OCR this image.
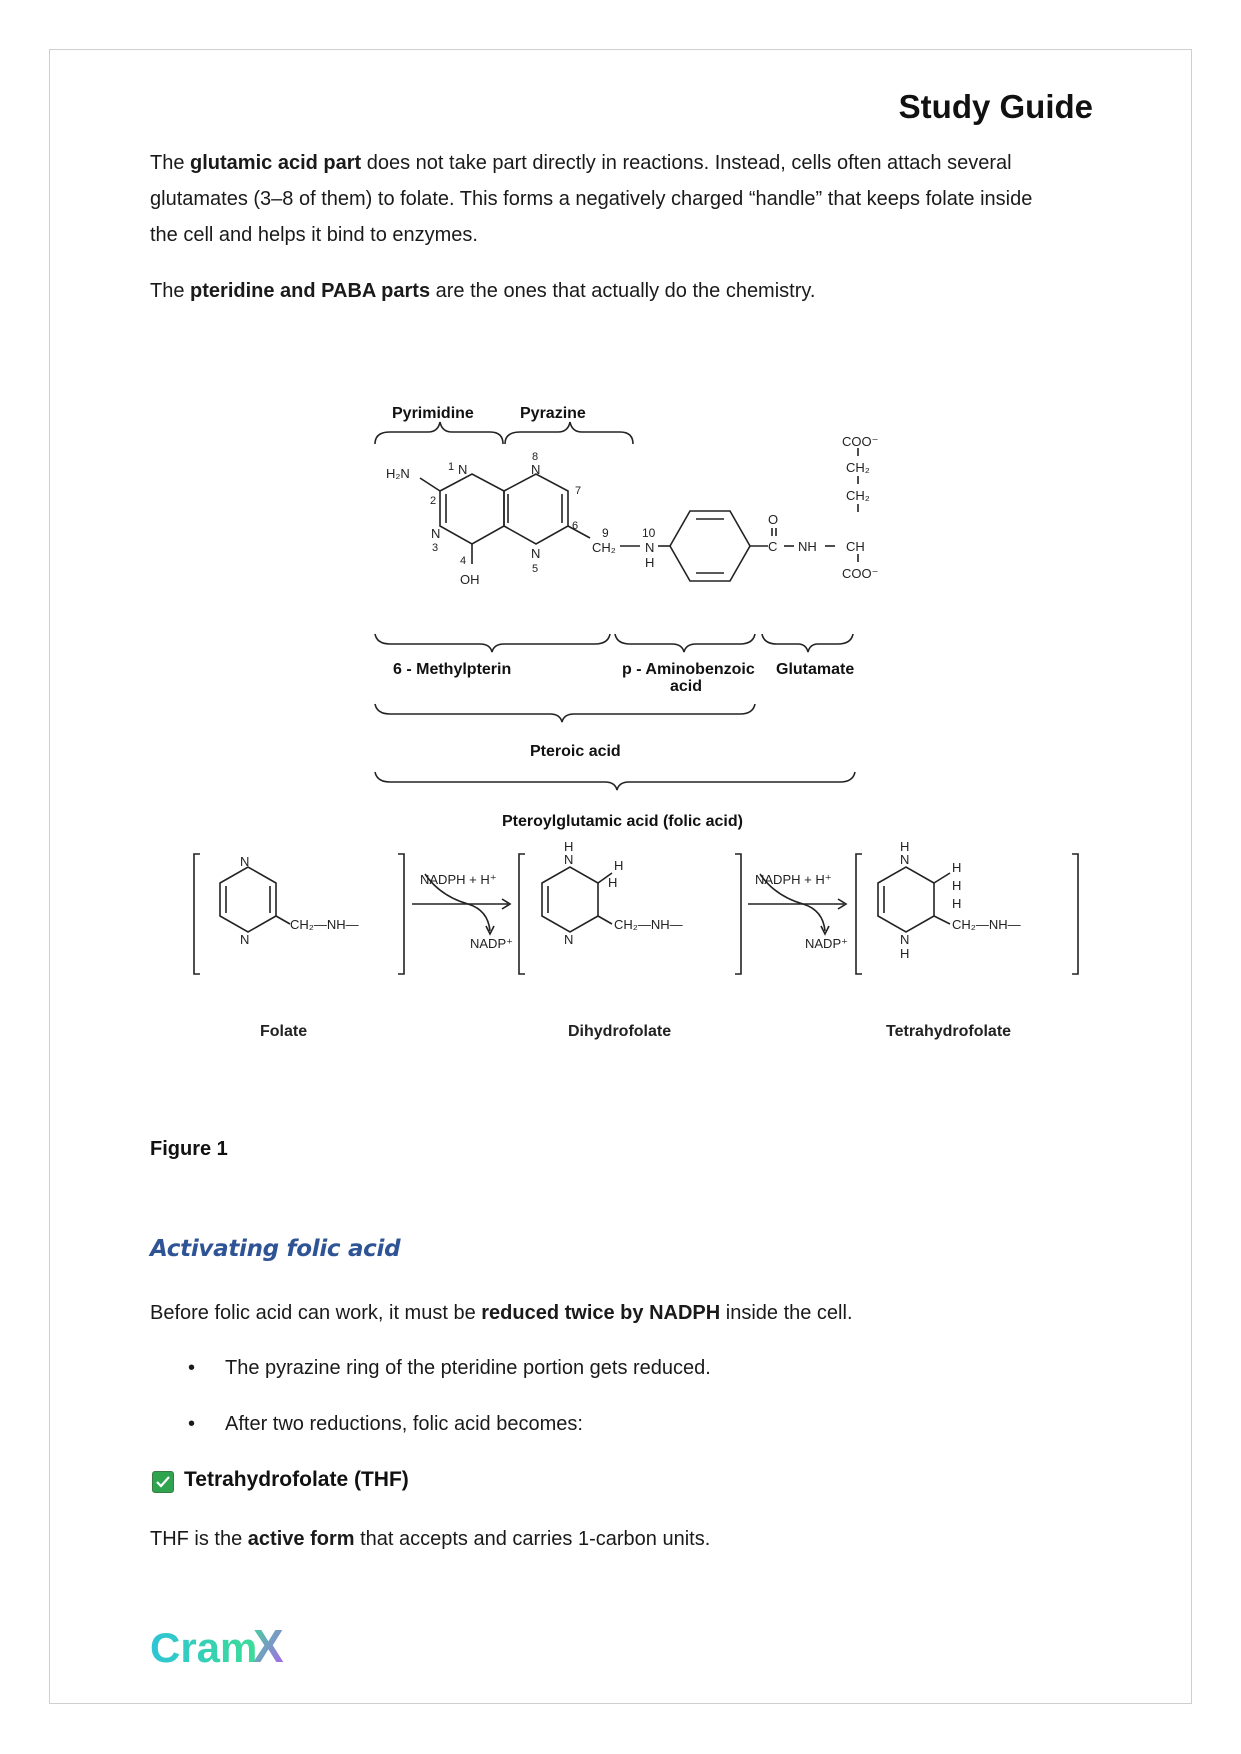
Study Guide
The glutamic acid part does not take part directly in reactions. Instead, cells often attach several
glutamates (3–8 of them) to folate. This forms a negatively charged “handle” that keeps folate inside
the cell and helps it bind to enzymes.
The pteridine and PABA parts are the ones that actually do the chemistry.
Pyrimidine	Pyrazine
6 - Methylpterin	p - Aminobenzoic
acid
Glutamate
Pteroic acid
Pteroylglutamic acid (folic acid)
H₂N	N
1
2
N
3
4
OH
8
N
7
6
N
5
9	10
CH₂ N
H
O
C NH CH
COO⁻
CH₂
CH₂
COO⁻
N
N
CH₂—NH—
Folate
NADPH + H⁺
NADP⁺
H
N	H
H
N
CH₂—NH—
Dihydrofolate
NADPH + H⁺
NADP⁺
H
N
H
H
H
N
H
CH₂—NH—
Tetrahydrofolate
Figure 1
Activating folic acid
Before folic acid can work, it must be reduced twice by NADPH inside the cell.
• The pyrazine ring of the pteridine portion gets reduced.
• After two reductions, folic acid becomes:
Tetrahydrofolate (THF)
THF is the active form that accepts and carries 1-carbon units.
Cram
X
